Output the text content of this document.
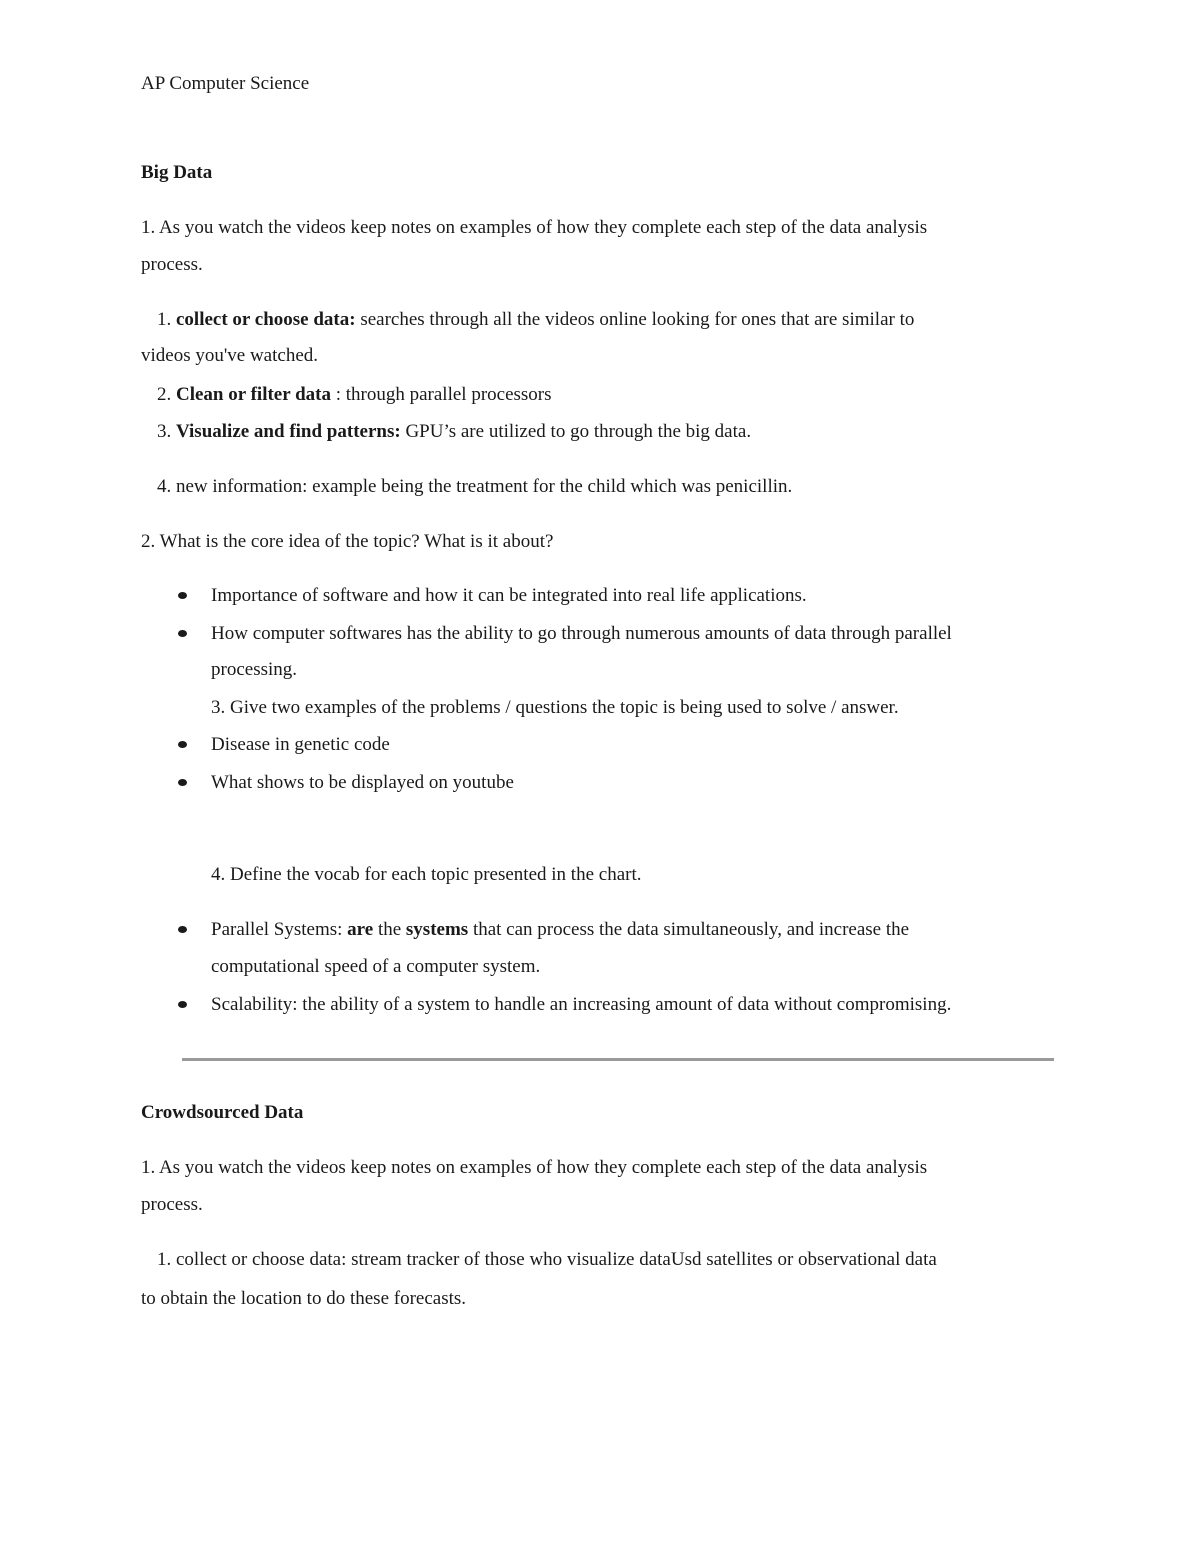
AP Computer Science
Big Data
1. As you watch the videos keep notes on examples of how they complete each step of the data analysis
process.
1. collect or choose data: searches through all the videos online looking for ones that are similar to
videos you've watched.
2. Clean or filter data : through parallel processors
3. Visualize and find patterns: GPU’s are utilized to go through the big data.
4. new information: example being the treatment for the child which was penicillin.
2. What is the core idea of the topic? What is it about?
Importance of software and how it can be integrated into real life applications.
How computer softwares has the ability to go through numerous amounts of data through parallel
processing.
3. Give two examples of the problems / questions the topic is being used to solve / answer.
Disease in genetic code
What shows to be displayed on youtube
4. Define the vocab for each topic presented in the chart.
Parallel Systems: are the systems that can process the data simultaneously, and increase the
computational speed of a computer system.
Scalability: the ability of a system to handle an increasing amount of data without compromising.
Crowdsourced Data
1. As you watch the videos keep notes on examples of how they complete each step of the data analysis
process.
1. collect or choose data: stream tracker of those who visualize dataUsd satellites or observational data
to obtain the location to do these forecasts.
